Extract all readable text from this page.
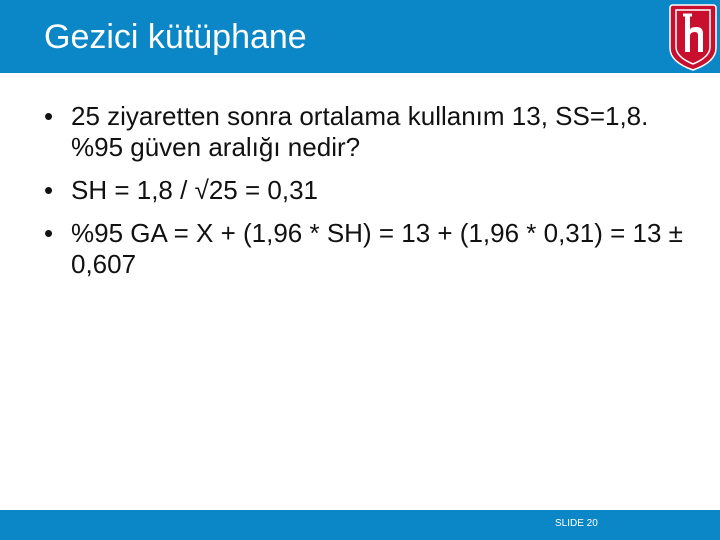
Gezici kütüphane
• 25 ziyaretten sonra ortalama kullanım 13, SS=1,8. %95 güven aralığı nedir?
• SH = 1,8 / √25 = 0,31
• %95 GA = X + (1,96 * SH) = 13 + (1,96 * 0,31) = 13 ± 0,607
SLIDE 20
